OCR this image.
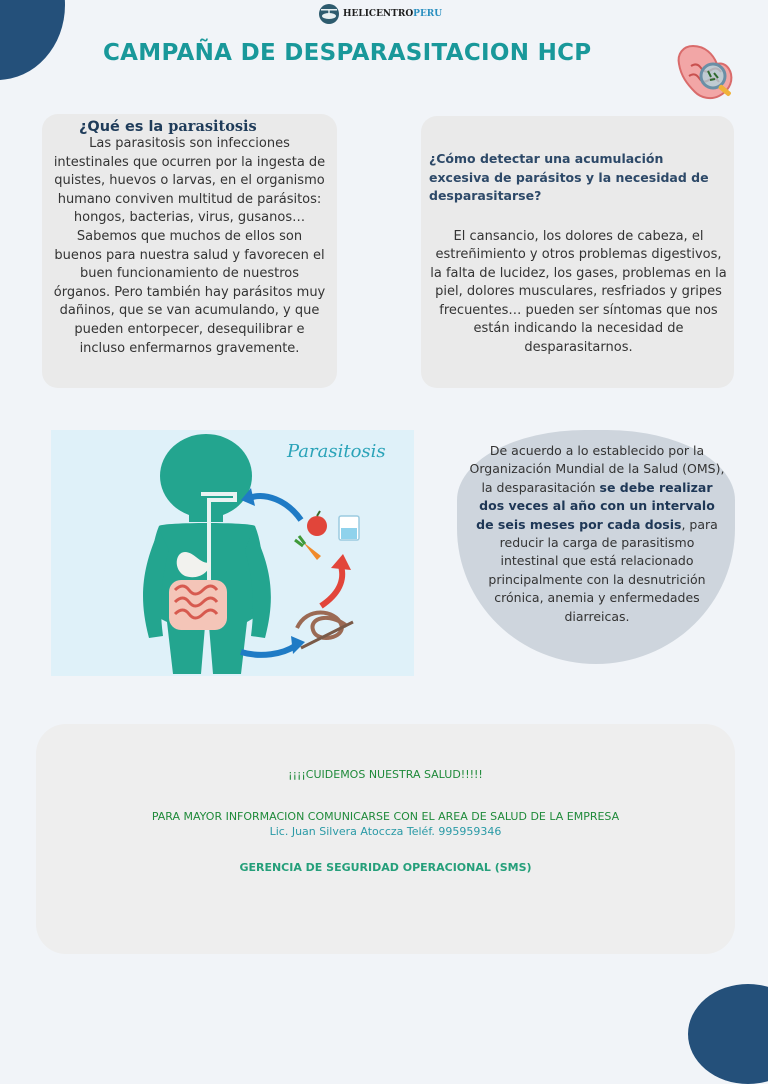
HELICENTROPERU
CAMPAÑA DE DESPARASITACION HCP
¿Qué es la parasitosis

Las parasitosis son infecciones intestinales que ocurren por la ingesta de quistes, huevos o larvas, en el organismo humano conviven multitud de parásitos: hongos, bacterias, virus, gusanos… Sabemos que muchos de ellos son buenos para nuestra salud y favorecen el buen funcionamiento de nuestros órganos. Pero también hay parásitos muy dañinos, que se van acumulando, y que pueden entorpecer, desequilibrar e incluso enfermarnos gravemente.

¿Cómo detectar una acumulación excesiva de parásitos y la necesidad de desparasitarse?

El cansancio, los dolores de cabeza, el estreñimiento y otros problemas digestivos, la falta de lucidez, los gases, problemas en la piel, dolores musculares, resfriados y gripes frecuentes… pueden ser síntomas que nos están indicando la necesidad de desparasitarnos.

Parasitosis	De acuerdo a lo establecido por la Organización Mundial de la Salud (OMS), la desparasitación se debe realizar dos veces al año con un intervalo de seis meses por cada dosis, para reducir la carga de parasitismo intestinal que está relacionado principalmente con la desnutrición crónica, anemia y enfermedades diarreicas.
¡¡¡¡CUIDEMOS NUESTRA SALUD!!!!!
PARA MAYOR INFORMACION COMUNICARSE CON EL AREA DE SALUD DE LA EMPRESA
Lic. Juan Silvera Atoccza Teléf. 995959346
GERENCIA DE SEGURIDAD OPERACIONAL (SMS)
